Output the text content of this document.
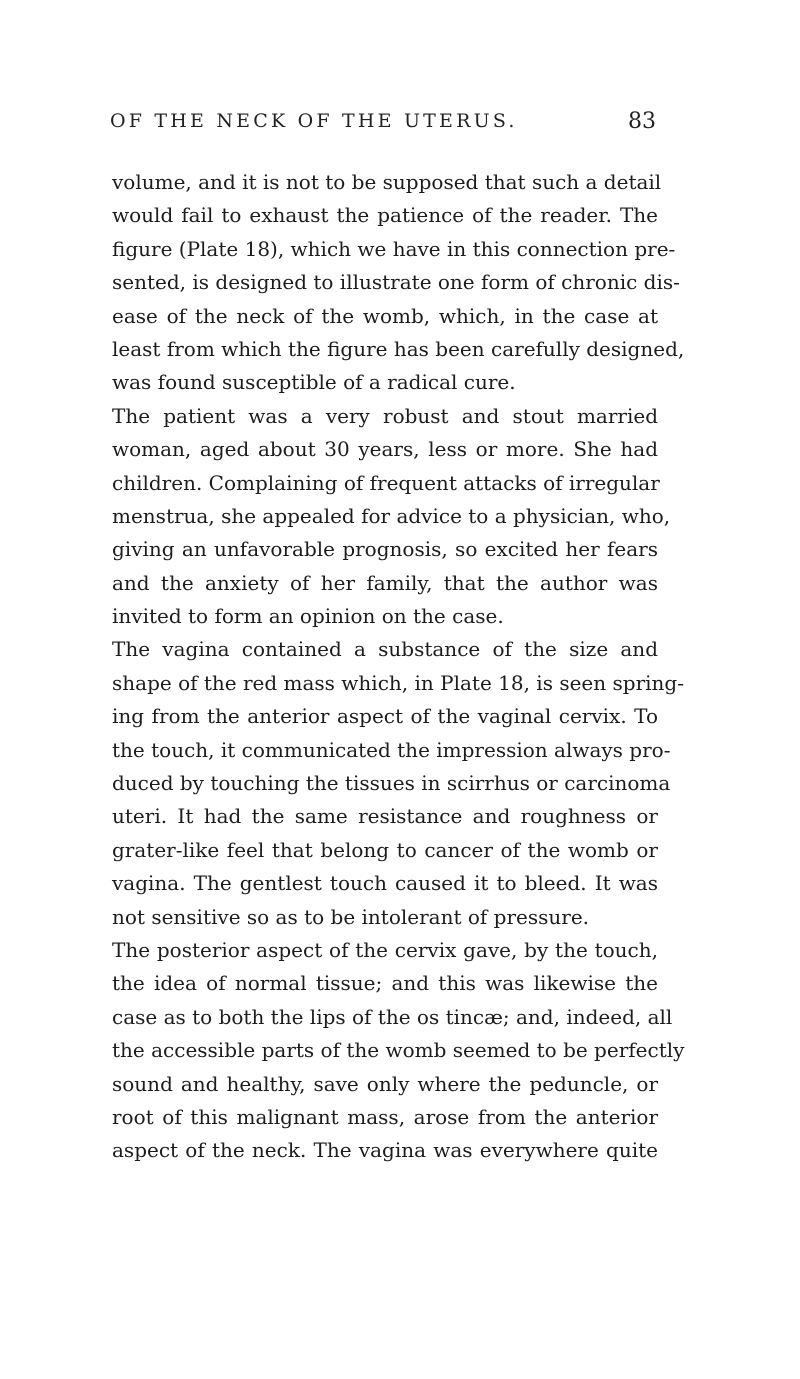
OF THE NECK OF THE UTERUS.	83
volume, and it is not to be supposed that such a detail
would fail to exhaust the patience of the reader. The
figure (Plate 18), which we have in this connection pre-
sented, is designed to illustrate one form of chronic dis-
ease of the neck of the womb, which, in the case at
least from which the figure has been carefully designed,
was found susceptible of a radical cure.
The patient was a very robust and stout married
woman, aged about 30 years, less or more. She had
children. Complaining of frequent attacks of irregular
menstrua, she appealed for advice to a physician, who,
giving an unfavorable prognosis, so excited her fears
and the anxiety of her family, that the author was
invited to form an opinion on the case.
The vagina contained a substance of the size and
shape of the red mass which, in Plate 18, is seen spring-
ing from the anterior aspect of the vaginal cervix. To
the touch, it communicated the impression always pro-
duced by touching the tissues in scirrhus or carcinoma
uteri. It had the same resistance and roughness or
grater-like feel that belong to cancer of the womb or
vagina. The gentlest touch caused it to bleed. It was
not sensitive so as to be intolerant of pressure.
The posterior aspect of the cervix gave, by the touch,
the idea of normal tissue; and this was likewise the
case as to both the lips of the os tincæ; and, indeed, all
the accessible parts of the womb seemed to be perfectly
sound and healthy, save only where the peduncle, or
root of this malignant mass, arose from the anterior
aspect of the neck. The vagina was everywhere quite
